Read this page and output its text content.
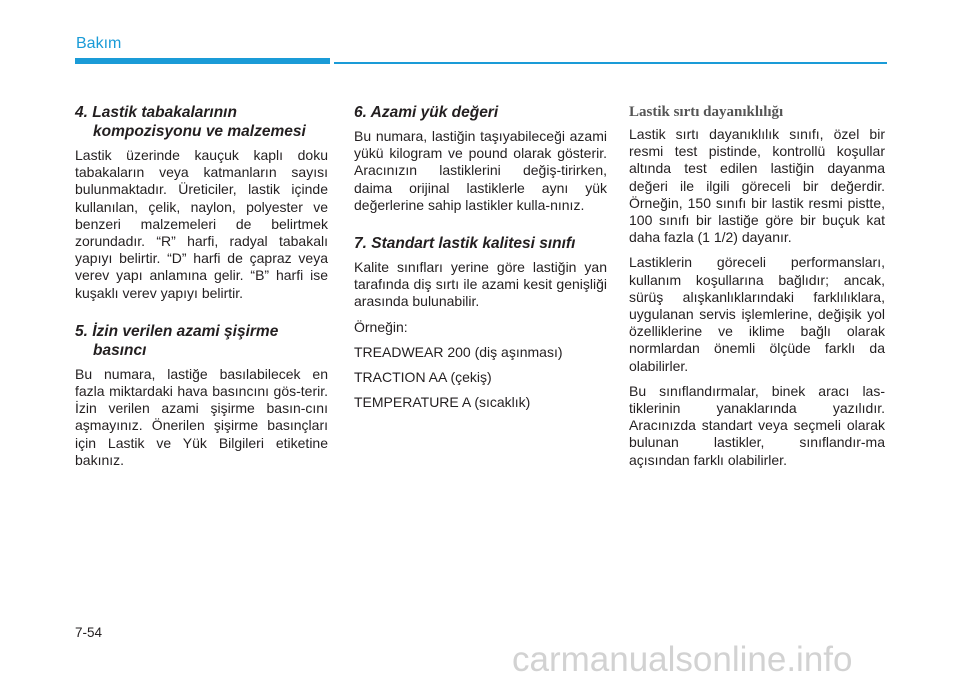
Bakım
4. Lastik tabakalarının kompozisyonu ve malzemesi

Lastik üzerinde kauçuk kaplı doku tabakaların veya katmanların sayısı bulunmaktadır. Üreticiler, lastik içinde kullanılan, çelik, naylon, polyester ve benzeri malzemeleri de belirtmek zorundadır. “R” harfi, radyal tabakalı yapıyı belirtir. “D” harfi de çapraz veya verev yapı anlamına gelir. “B” harfi ise kuşaklı verev yapıyı belirtir.

5. İzin verilen azami şişirme basıncı

Bu numara, lastiğe basılabilecek en fazla miktardaki hava basıncını gös-terir. İzin verilen azami şişirme basın-cını aşmayınız. Önerilen şişirme basınçları için Lastik ve Yük Bilgileri etiketine bakınız.

6. Azami yük değeri

Bu numara, lastiğin taşıyabileceği azami yükü kilogram ve pound olarak gösterir. Aracınızın lastiklerini değiş-tirirken, daima orijinal lastiklerle aynı yük değerlerine sahip lastikler kulla-nınız.

7. Standart lastik kalitesi sınıfı

Kalite sınıfları yerine göre lastiğin yan tarafında diş sırtı ile azami kesit genişliği arasında bulunabilir.

Örneğin:

TREADWEAR 200 (diş aşınması)

TRACTION AA (çekiş)

TEMPERATURE A (sıcaklık)

Lastik sırtı dayanıklılığı

Lastik sırtı dayanıklılık sınıfı, özel bir resmi test pistinde, kontrollü koşullar altında test edilen lastiğin dayanma değeri ile ilgili göreceli bir değerdir. Örneğin, 150 sınıfı bir lastik resmi pistte, 100 sınıfı bir lastiğe göre bir buçuk kat daha fazla (1 1/2) dayanır.

Lastiklerin göreceli performansları, kullanım koşullarına bağlıdır; ancak, sürüş alışkanlıklarındaki farklılıklara, uygulanan servis işlemlerine, değişik yol özelliklerine ve iklime bağlı olarak normlardan önemli ölçüde farklı da olabilirler.

Bu sınıflandırmalar, binek aracı las-tiklerinin yanaklarında yazılıdır. Aracınızda standart veya seçmeli olarak bulunan lastikler, sınıflandır-ma açısından farklı olabilirler.

7-54
carmanualsonline.info
